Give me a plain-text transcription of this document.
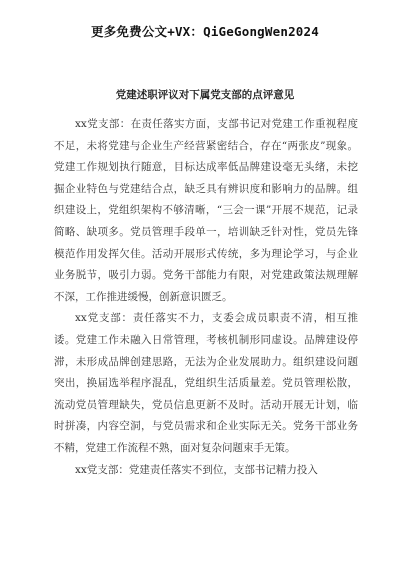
更多免费公文+VX：QiGeGongWen2024
党建述职评议对下属党支部的点评意见

xx党支部：在责任落实方面，支部书记对党建工作重视程度不足，未将党建与企业生产经营紧密结合，存在“两张皮”现象。党建工作规划执行随意，目标达成率低品牌建设毫无头绪，未挖掘企业特色与党建结合点，缺乏具有辨识度和影响力的品牌。组织建设上，党组织架构不够清晰，“三会一课”开展不规范，记录简略、缺项多。党员管理手段单一，培训缺乏针对性，党员先锋模范作用发挥欠佳。活动开展形式传统，多为理论学习，与企业业务脱节，吸引力弱。党务干部能力有限，对党建政策法规理解不深，工作推进缓慢，创新意识匮乏。

xx党支部：责任落实不力，支委会成员职责不清，相互推诿。党建工作未融入日常管理，考核机制形同虚设。品牌建设停滞，未形成品牌创建思路，无法为企业发展助力。组织建设问题突出，换届选举程序混乱，党组织生活质量差。党员管理松散，流动党员管理缺失，党员信息更新不及时。活动开展无计划，临时拼凑，内容空洞，与党员需求和企业实际无关。党务干部业务不精，党建工作流程不熟，面对复杂问题束手无策。

xx党支部：党建责任落实不到位，支部书记精力投入
